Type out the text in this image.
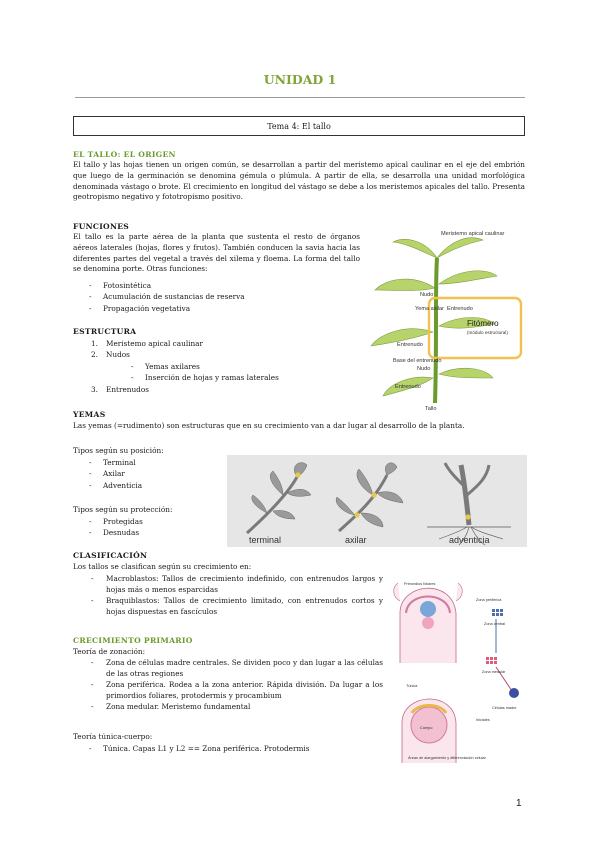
UNIDAD 1
Tema 4: El tallo
EL TALLO: EL ORIGEN
El tallo y las hojas tienen un origen común, se desarrollan a partir del meristemo apical caulinar en el eje del embrión que luego de la germinación se denomina gémula o plúmula. A partir de ella, se desarrolla una unidad morfológica denominada vástago o brote. El crecimiento en longitud del vástago se debe a los meristemos apicales del tallo. Presenta geotropismo negativo y fototropismo positivo.
FUNCIONES
El tallo es la parte aérea de la planta que sustenta el resto de órganos aéreos laterales (hojas, flores y frutos). También conducen la savia hacia las diferentes partes del vegetal a través del xilema y floema. La forma del tallo se denomina porte. Otras funciones:
- Fotosintética
- Acumulación de sustancias de reserva
- Propagación vegetativa
ESTRUCTURA
1. Meristemo apical caulinar
2. Nudos
- Yemas axilares
- Inserción de hojas y ramas laterales
3. Entrenudos
Meristemo apical caulinar
Nudo
Yema axilar Entrenudo
Fitómero
(módulo estructural)
Entrenudo
Base del entrenudo
Nudo
Entrenudo
Tallo
YEMAS
Las yemas (=rudimento) son estructuras que en su crecimiento van a dar lugar al desarrollo de la planta.
Tipos según su posición:
- Terminal
- Axilar
- Adventicia
Tipos según su protección:
- Protegidas
- Desnudas
terminal	axilar	adventicia
CLASIFICACIÓN
Los tallos se clasifican según su crecimiento en:
- Macroblastos: Tallos de crecimiento indefinido, con entrenudos largos y hojas más o menos esparcidas
- Braquiblastos: Tallos de crecimiento limitado, con entrenudos cortos y hojas dispuestas en fascículos
CRECIMIENTO PRIMARIO
Teoría de zonación:
- Zona de células madre centrales. Se dividen poco y dan lugar a las células de las otras regiones
- Zona periférica. Rodea a la zona anterior. Rápida división. Da lugar a los primordios foliares, protodermis y procambium
- Zona medular. Meristemo fundamental
Teoría túnica-cuerpo:
- Túnica. Capas L1 y L2 == Zona periférica. Protodermis
Primordios foliares
Zona periférica
Zona central
Zona medular
Túnica
Cuerpo
Áreas de alargamiento y diferenciación celular
Células madre
Iniciales
1
